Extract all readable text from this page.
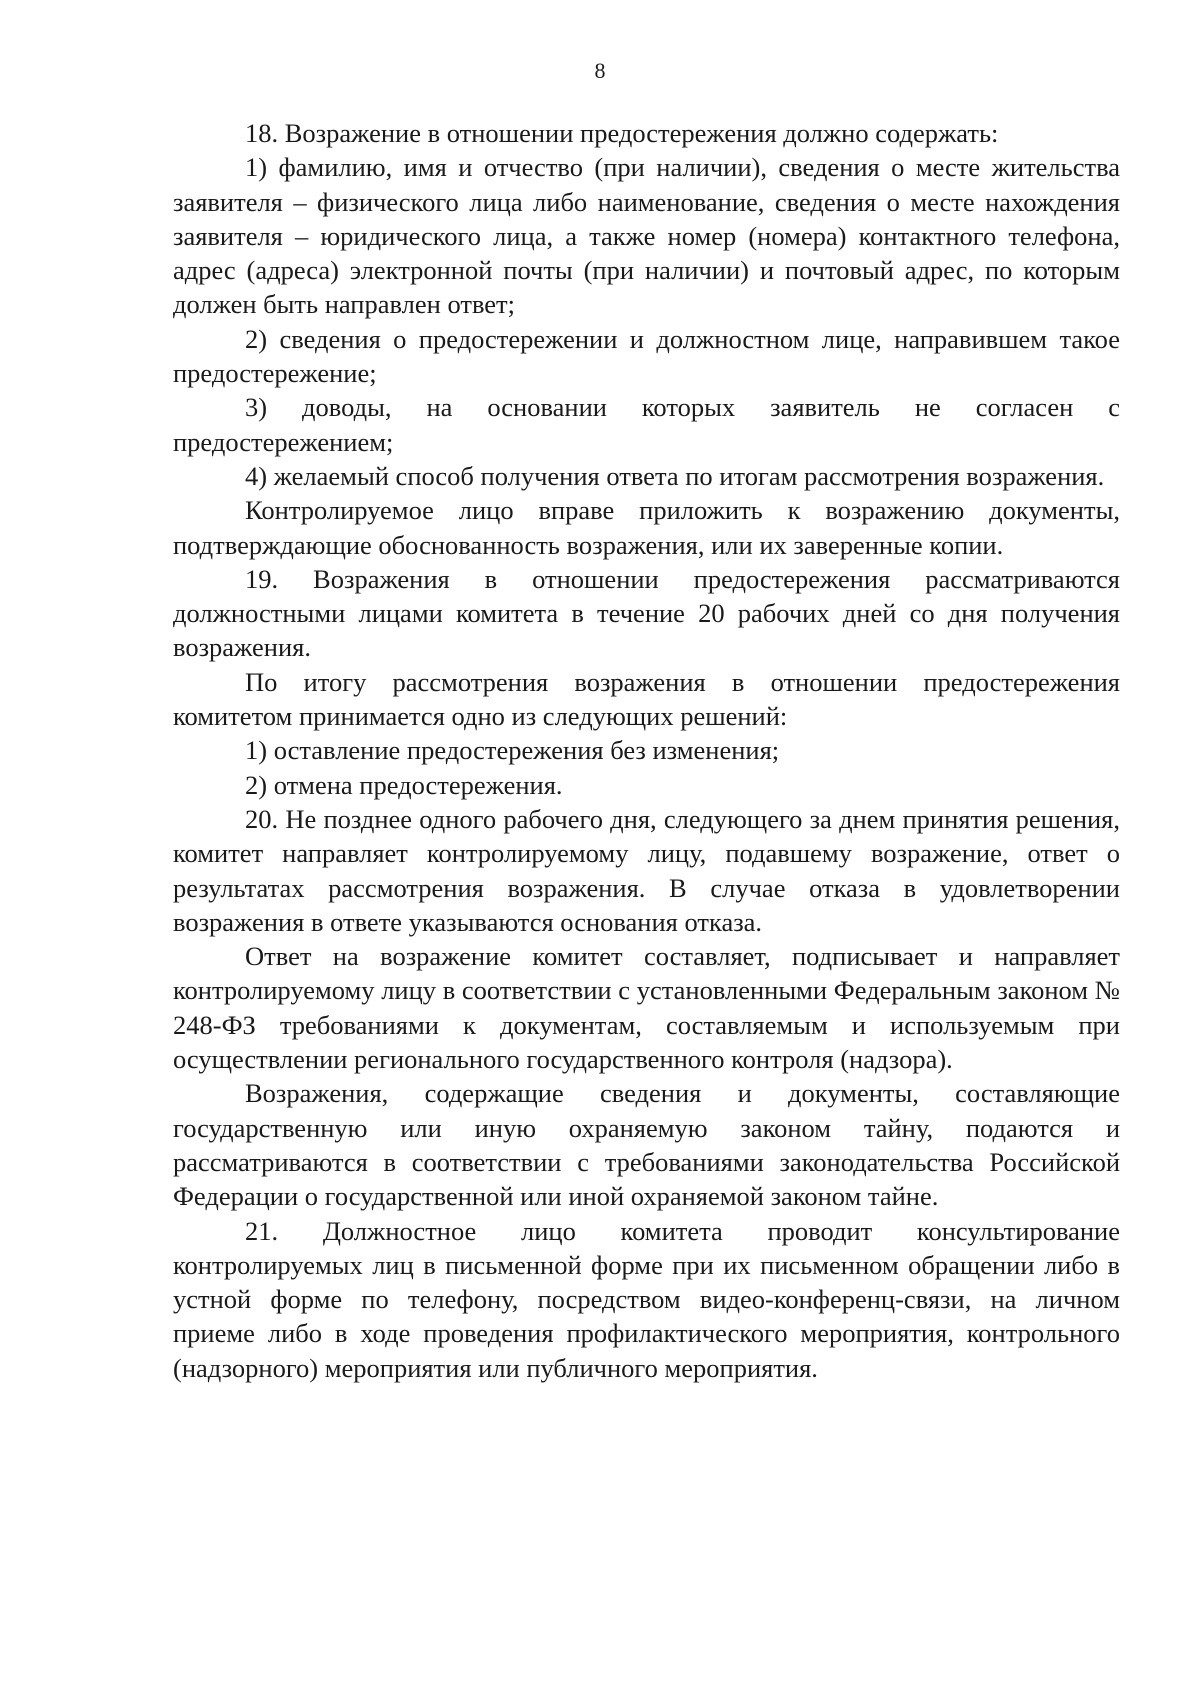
8

18. Возражение в отношении предостережения должно содержать:

1) фамилию, имя и отчество (при наличии), сведения о месте жительства заявителя – физического лица либо наименование, сведения о месте нахождения заявителя – юридического лица, а также номер (номера) контактного телефона, адрес (адреса) электронной почты (при наличии) и почтовый адрес, по которым должен быть направлен ответ;

2) сведения о предостережении и должностном лице, направившем такое предостережение;

3) доводы, на основании которых заявитель не согласен с предостережением;

4) желаемый способ получения ответа по итогам рассмотрения возражения.

Контролируемое лицо вправе приложить к возражению документы, подтверждающие обоснованность возражения, или их заверенные копии.

19. Возражения в отношении предостережения рассматриваются должностными лицами комитета в течение 20 рабочих дней со дня получения возражения.

По итогу рассмотрения возражения в отношении предостережения комитетом принимается одно из следующих решений:

1) оставление предостережения без изменения;

2) отмена предостережения.

20. Не позднее одного рабочего дня, следующего за днем принятия решения, комитет направляет контролируемому лицу, подавшему возражение, ответ о результатах рассмотрения возражения. В случае отказа в удовлетворении возражения в ответе указываются основания отказа.

Ответ на возражение комитет составляет, подписывает и направляет контролируемому лицу в соответствии с установленными Федеральным законом № 248-ФЗ требованиями к документам, составляемым и используемым при осуществлении регионального государственного контроля (надзора).

Возражения, содержащие сведения и документы, составляющие государственную или иную охраняемую законом тайну, подаются и рассматриваются в соответствии с требованиями законодательства Российской Федерации о государственной или иной охраняемой законом тайне.

21. Должностное лицо комитета проводит консультирование контролируемых лиц в письменной форме при их письменном обращении либо в устной форме по телефону, посредством видео-конференц-связи, на личном приеме либо в ходе проведения профилактического мероприятия, контрольного (надзорного) мероприятия или публичного мероприятия.
